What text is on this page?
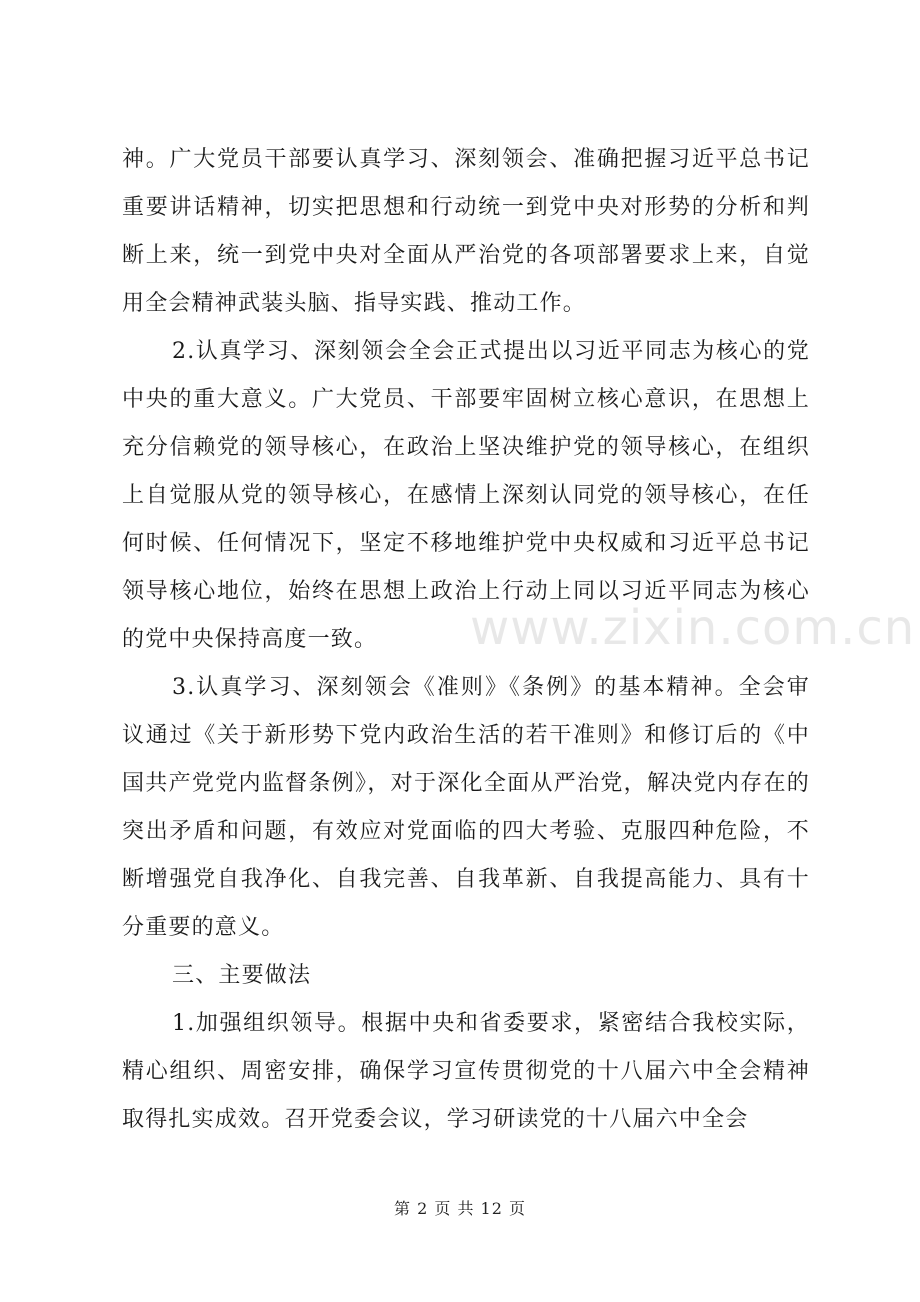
神。广大党员干部要认真学习、深刻领会、准确把握习近平总书记重要讲话精神，切实把思想和行动统一到党中央对形势的分析和判断上来，统一到党中央对全面从严治党的各项部署要求上来，自觉用全会精神武装头脑、指导实践、推动工作。

2.认真学习、深刻领会全会正式提出以习近平同志为核心的党中央的重大意义。广大党员、干部要牢固树立核心意识，在思想上充分信赖党的领导核心，在政治上坚决维护党的领导核心，在组织上自觉服从党的领导核心，在感情上深刻认同党的领导核心，在任何时候、任何情况下，坚定不移地维护党中央权威和习近平总书记领导核心地位，始终在思想上政治上行动上同以习近平同志为核心的党中央保持高度一致。

3.认真学习、深刻领会《准则》《条例》的基本精神。全会审议通过《关于新形势下党内政治生活的若干准则》和修订后的《中国共产党党内监督条例》，对于深化全面从严治党，解决党内存在的突出矛盾和问题，有效应对党面临的四大考验、克服四种危险，不断增强党自我净化、自我完善、自我革新、自我提高能力、具有十分重要的意义。

三、主要做法

1.加强组织领导。根据中央和省委要求，紧密结合我校实际，精心组织、周密安排，确保学习宣传贯彻党的十八届六中全会精神取得扎实成效。召开党委会议，学习研读党的十八届六中全会

www.zixin.com.cn
第 2 页 共 12 页
